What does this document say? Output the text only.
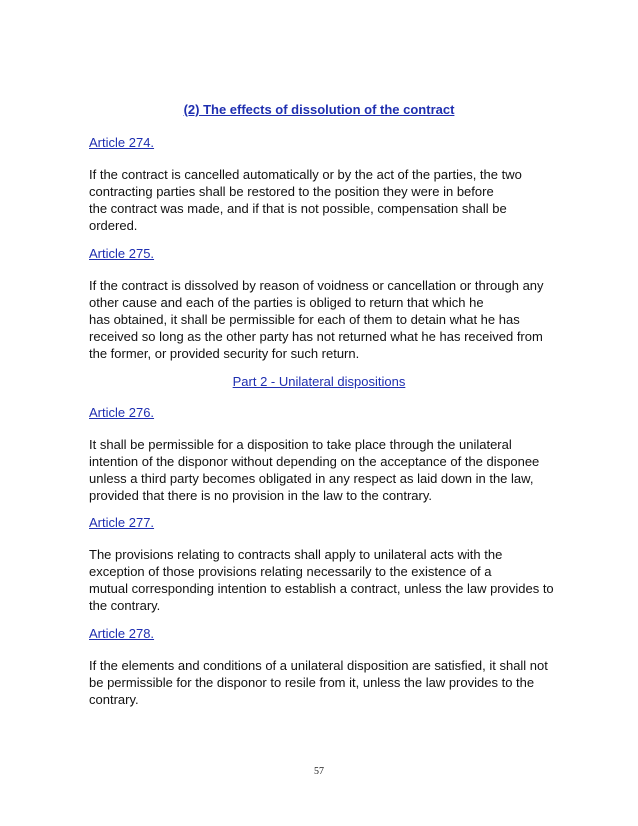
(2) The effects of dissolution of the contract
Article 274.

If the contract is cancelled automatically or by the act of the parties, the two
contracting parties shall be restored to the position they were in before
the contract was made, and if that is not possible, compensation shall be
ordered.

Article 275.

If the contract is dissolved by reason of voidness or cancellation or through any
other cause and each of the parties is obliged to return that which he
has obtained, it shall be permissible for each of them to detain what he has
received so long as the other party has not returned what he has received from
the former, or provided security for such return.

Part 2 - Unilateral dispositions
Article 276.

It shall be permissible for a disposition to take place through the unilateral
intention of the disponor without depending on the acceptance of the disponee
unless a third party becomes obligated in any respect as laid down in the law,
provided that there is no provision in the law to the contrary.

Article 277.

The provisions relating to contracts shall apply to unilateral acts with the
exception of those provisions relating necessarily to the existence of a
mutual corresponding intention to establish a contract, unless the law provides to
the contrary.

Article 278.

If the elements and conditions of a unilateral disposition are satisfied, it shall not
be permissible for the disponor to resile from it, unless the law provides to the
contrary.

57
